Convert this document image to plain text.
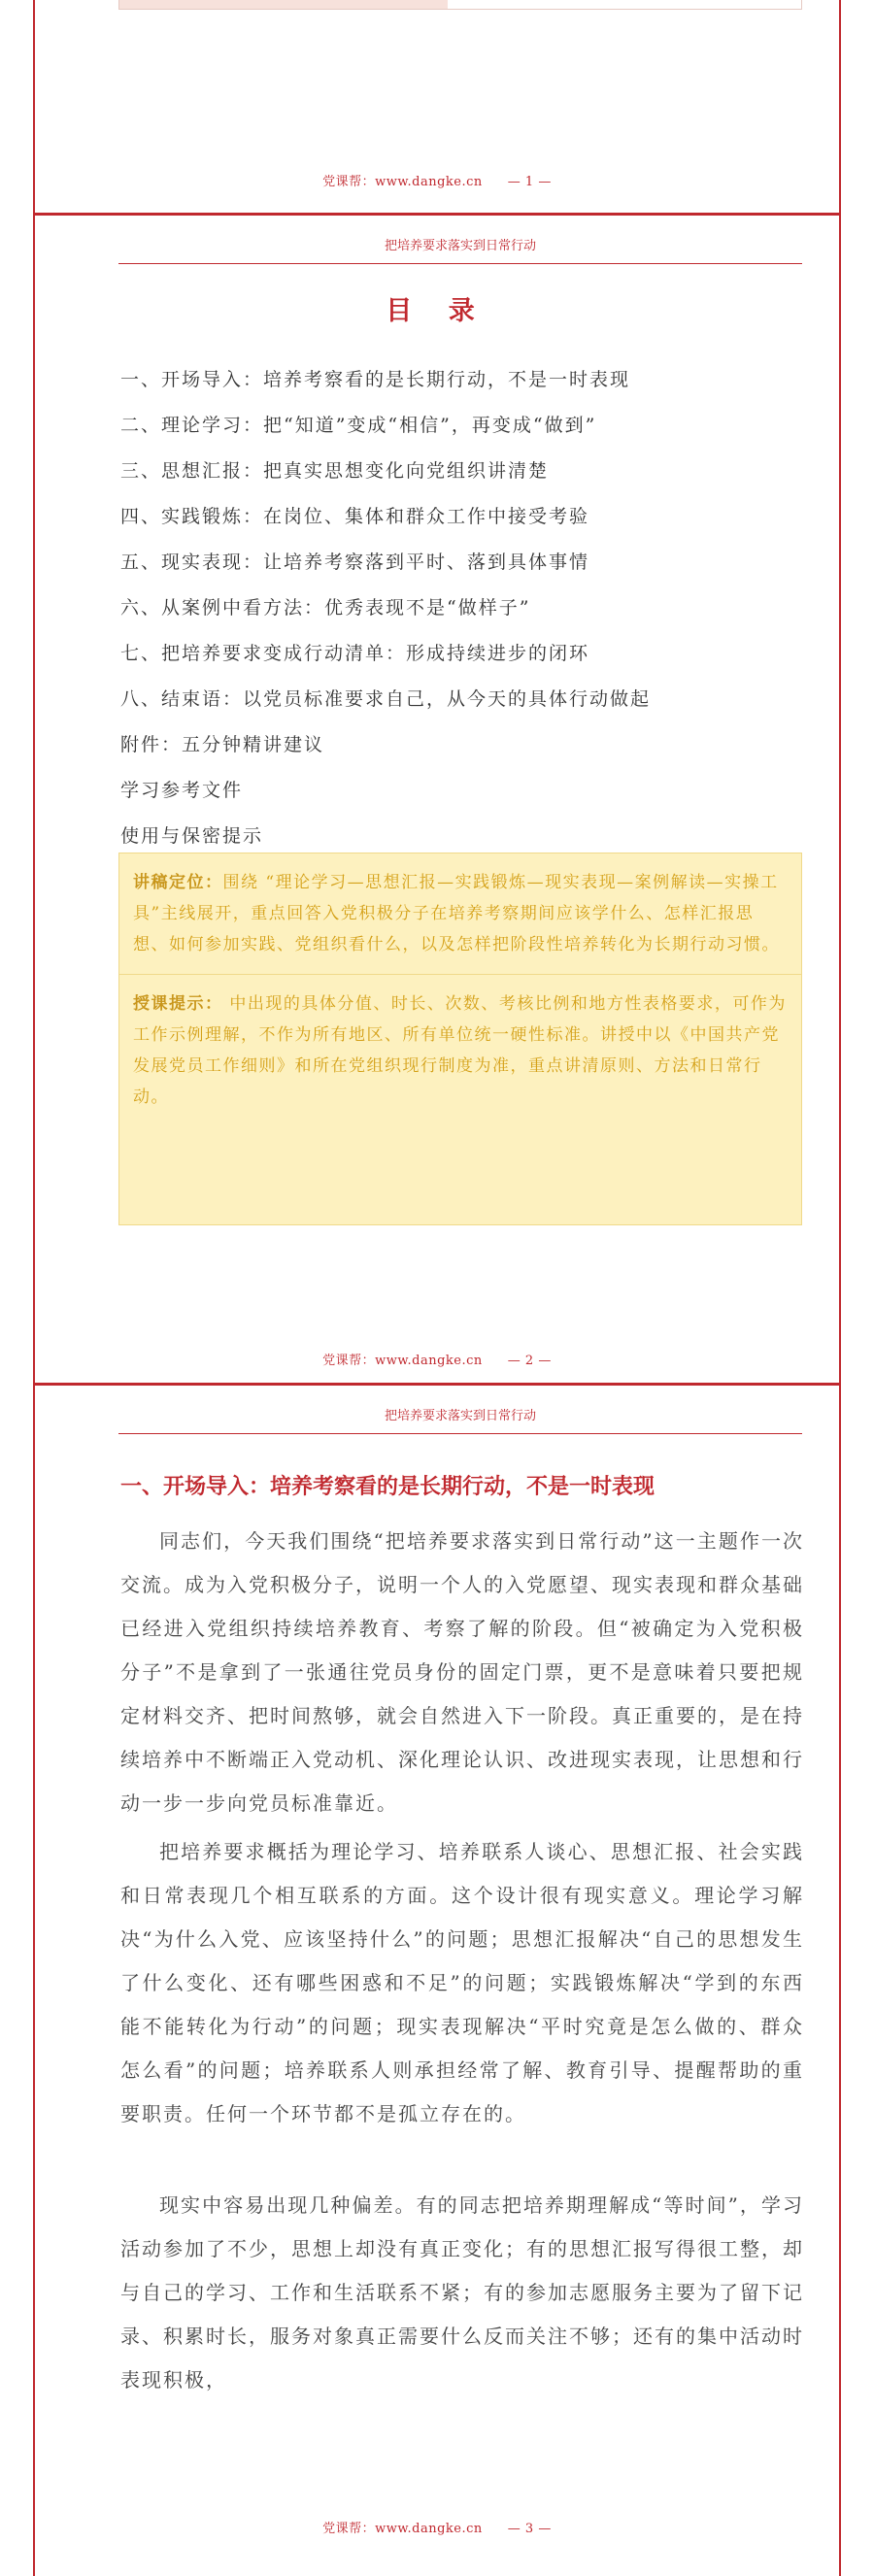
党课帮：www.dangke.cn — 1 —
把培养要求落实到日常行动
目 录
一、开场导入：培养考察看的是长期行动，不是一时表现
二、理论学习：把“知道”变成“相信”，再变成“做到”
三、思想汇报：把真实思想变化向党组织讲清楚
四、实践锻炼：在岗位、集体和群众工作中接受考验
五、现实表现：让培养考察落到平时、落到具体事情
六、从案例中看方法：优秀表现不是“做样子”
七、把培养要求变成行动清单：形成持续进步的闭环
八、结束语：以党员标准要求自己，从今天的具体行动做起
附件：五分钟精讲建议
学习参考文件
使用与保密提示
讲稿定位：围绕 “理论学习—思想汇报—实践锻炼—现实表现—案例解读—实操工具”主线展开，重点回答入党积极分子在培养考察期间应该学什么、怎样汇报思想、如何参加实践、党组织看什么，以及怎样把阶段性培养转化为长期行动习惯。
授课提示： 中出现的具体分值、时长、次数、考核比例和地方性表格要求，可作为工作示例理解，不作为所有地区、所有单位统一硬性标准。讲授中以《中国共产党发展党员工作细则》和所在党组织现行制度为准，重点讲清原则、方法和日常行动。
党课帮：www.dangke.cn — 2 —
把培养要求落实到日常行动
一、开场导入：培养考察看的是长期行动，不是一时表现
同志们，今天我们围绕“把培养要求落实到日常行动”这一主题作一次交流。成为入党积极分子，说明一个人的入党愿望、现实表现和群众基础已经进入党组织持续培养教育、考察了解的阶段。但“被确定为入党积极分子”不是拿到了一张通往党员身份的固定门票，更不是意味着只要把规定材料交齐、把时间熬够，就会自然进入下一阶段。真正重要的，是在持续培养中不断端正入党动机、深化理论认识、改进现实表现，让思想和行动一步一步向党员标准靠近。
把培养要求概括为理论学习、培养联系人谈心、思想汇报、社会实践和日常表现几个相互联系的方面。这个设计很有现实意义。理论学习解决“为什么入党、应该坚持什么”的问题；思想汇报解决“自己的思想发生了什么变化、还有哪些困惑和不足”的问题；实践锻炼解决“学到的东西能不能转化为行动”的问题；现实表现解决“平时究竟是怎么做的、群众怎么看”的问题；培养联系人则承担经常了解、教育引导、提醒帮助的重要职责。任何一个环节都不是孤立存在的。
现实中容易出现几种偏差。有的同志把培养期理解成“等时间”，学习活动参加了不少，思想上却没有真正变化；有的思想汇报写得很工整，却与自己的学习、工作和生活联系不紧；有的参加志愿服务主要为了留下记录、积累时长，服务对象真正需要什么反而关注不够；还有的集中活动时表现积极，
党课帮：www.dangke.cn — 3 —
